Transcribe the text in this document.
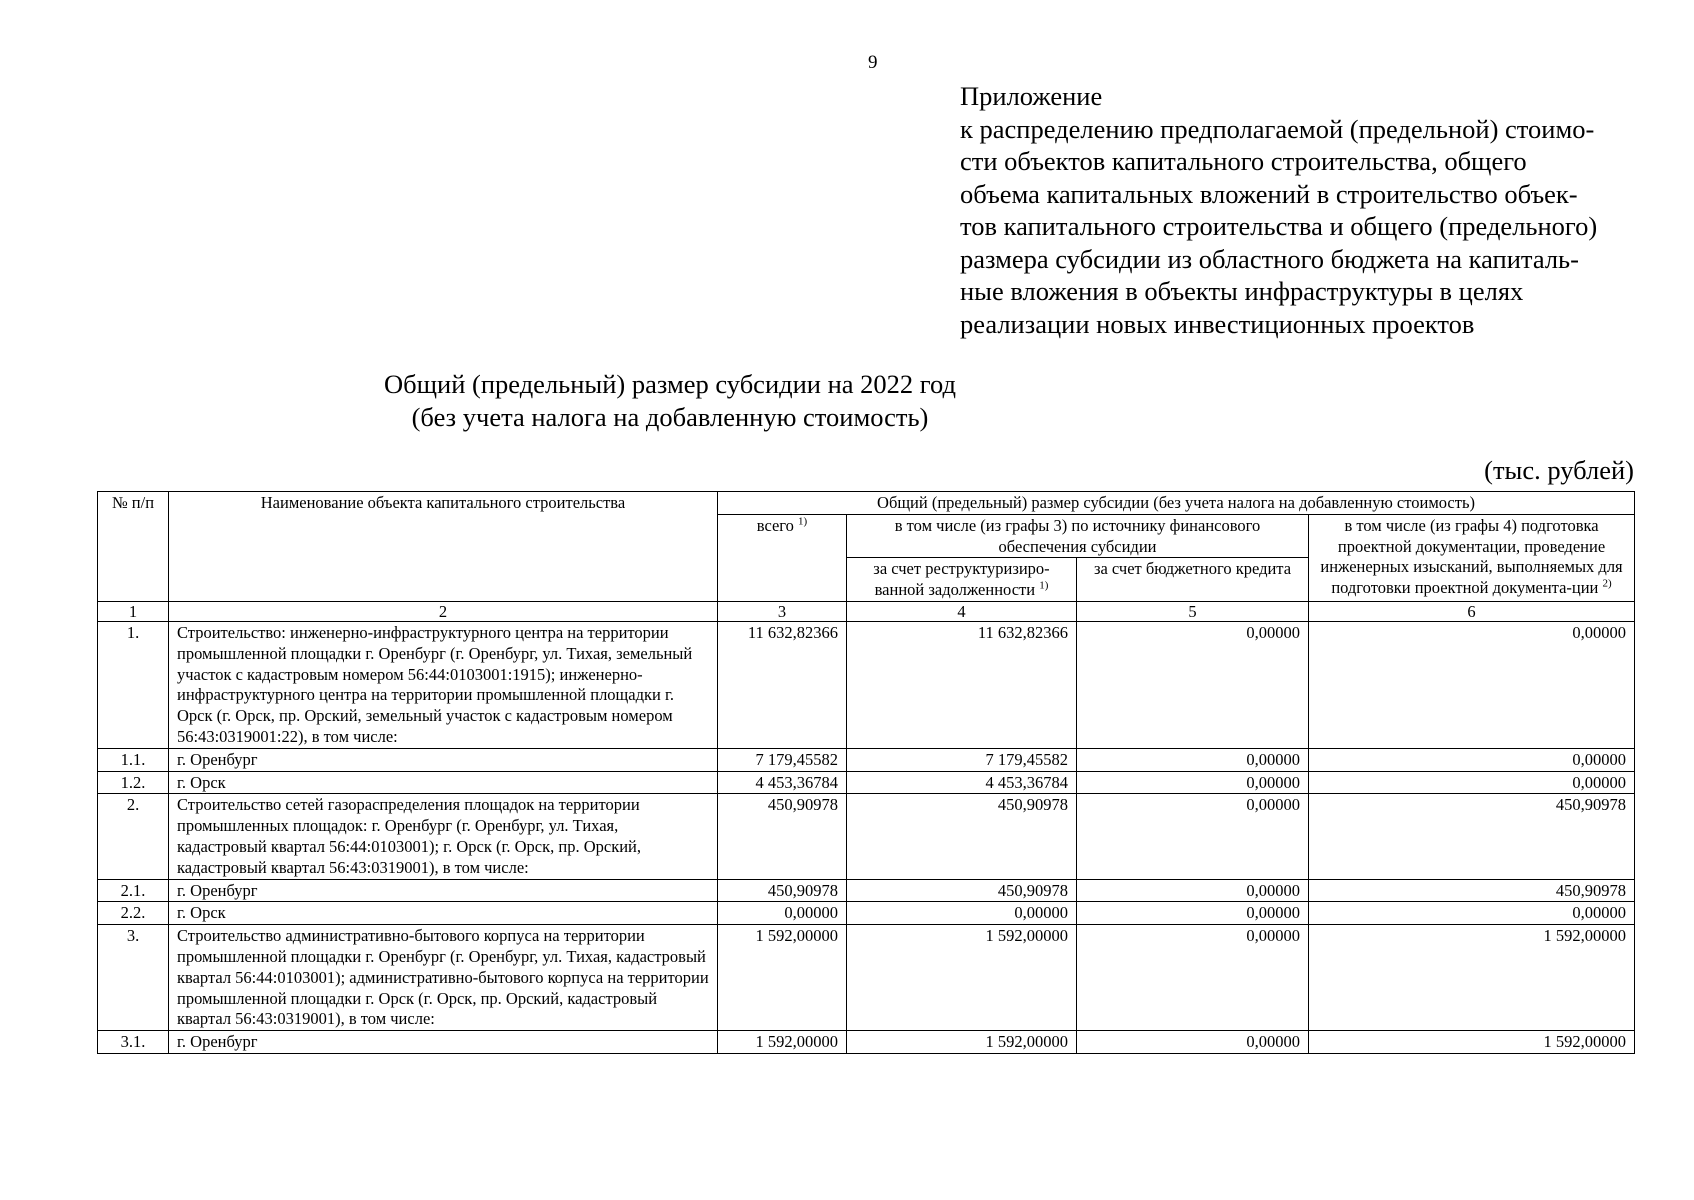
9
Приложение
к распределению предполагаемой (предельной) стоимо-
сти объектов капитального строительства, общего
объема капитальных вложений в строительство объек-
тов капитального строительства и общего (предельного)
размера субсидии из областного бюджета на капиталь-
ные вложения в объекты инфраструктуры в целях
реализации новых инвестиционных проектов
Общий (предельный) размер субсидии на 2022 год
(без учета налога на добавленную стоимость)
(тыс. рублей)
№ п/п	Наименование объекта капитального строительства	Общий (предельный) размер субсидии (без учета налога на добавленную стоимость)			
		всего $^{1)}$	в том числе (из графы 3) по источнику финансового обеспечения субсидии		в том числе (из графы 4) подготовка проектной документации, проведение инженерных изысканий, выполняемых для подготовки проектной документа-ции $^{2)}$
			за счет реструктуризиро-ванной задолженности $^{1)}$	за счет бюджетного кредита	
1	2	3	4	5	6
1.	Строительство: инженерно-инфраструктурного центра на территории промышленной площадки г. Оренбург (г. Оренбург, ул. Тихая, земельный участок с кадастровым номером 56:44:0103001:1915); инженерно-инфраструктурного центра на территории промышленной площадки г. Орск (г. Орск, пр. Орский, земельный участок с кадастровым номером 56:43:0319001:22), в том числе:	11 632,82366	11 632,82366	0,00000	0,00000
1.1.	г. Оренбург	7 179,45582	7 179,45582	0,00000	0,00000
1.2.	г. Орск	4 453,36784	4 453,36784	0,00000	0,00000
2.	Строительство сетей газораспределения площадок на территории промышленных площадок: г. Оренбург (г. Оренбург, ул. Тихая, кадастровый квартал 56:44:0103001); г. Орск (г. Орск, пр. Орский, кадастровый квартал 56:43:0319001), в том числе:	450,90978	450,90978	0,00000	450,90978
2.1.	г. Оренбург	450,90978	450,90978	0,00000	450,90978
2.2.	г. Орск	0,00000	0,00000	0,00000	0,00000
3.	Строительство административно-бытового корпуса на территории промышленной площадки г. Оренбург (г. Оренбург, ул. Тихая, кадастровый квартал 56:44:0103001); административно-бытового корпуса на территории промышленной площадки г. Орск (г. Орск, пр. Орский, кадастровый квартал 56:43:0319001), в том числе:	1 592,00000	1 592,00000	0,00000	1 592,00000
3.1.	г. Оренбург	1 592,00000	1 592,00000	0,00000	1 592,00000
